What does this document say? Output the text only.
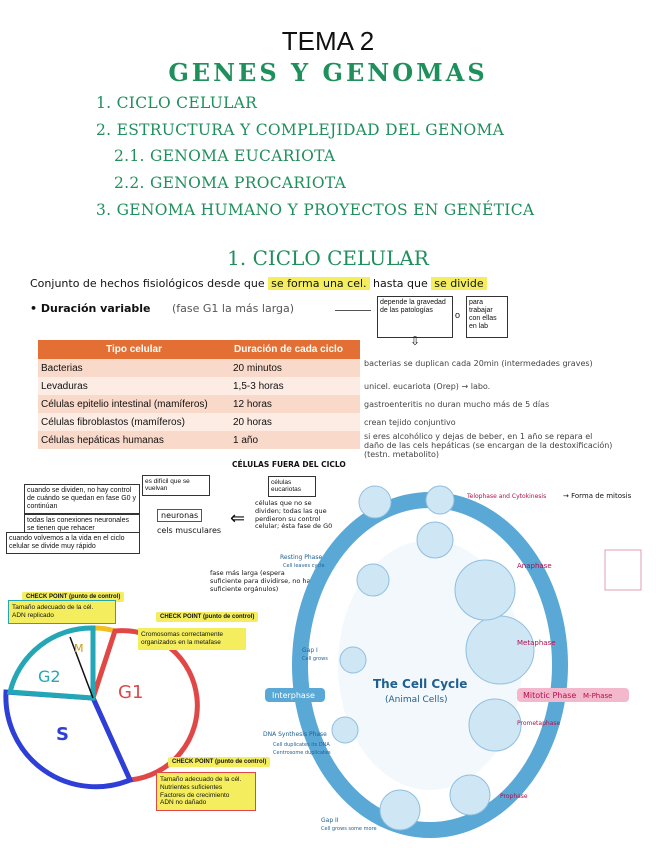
TEMA 2
GENES Y GENOMAS
1. CICLO CELULAR
2. ESTRUCTURA Y COMPLEJIDAD DEL GENOMA
2.1. GENOMA EUCARIOTA
2.2. GENOMA PROCARIOTA
3. GENOMA HUMANO Y PROYECTOS EN GENÉTICA
1. CICLO CELULAR
Conjunto de hechos fisiológicos desde que se forma una cel. hasta que se divide
• Duración variable (fase G1 la más larga)	depende la gravedad de las patologías	o
para trabajar con ellas en lab
⇩
Tipo celular	Duración de cada ciclo
Bacterias	20 minutos
Levaduras	1,5-3 horas
Células epitelio intestinal (mamíferos)	12 horas
Células fibroblastos (mamíferos)	20 horas
Células hepáticas humanas	1 año
bacterias se duplican cada 20min (intermedades graves)
unicel. eucariota (Orep) → labo.
gastroenteritis no duran mucho más de 5 días
crean tejido conjuntivo
si eres alcohólico y dejas de beber, en 1 año se repara el daño de las cels hepáticas (se encargan de la destoxificación) (testn. metabolito)
CÉLULAS FUERA DEL CICLO
células eucariotas
células que no se dividen; todas las que perdieron su control celular; ésta fase de G0
⇐
neuronas
cels musculares
es difícil que se vuelvan
cuando se dividen, no hay control de cuándo se quedan en fase G0 y continúan
todas las conexiones neuronales se tienen que rehacer
cuando volvemos a la vida en el ciclo celular se divide muy rápido
G1
G2
S
M
CHECK POINT (punto de control)
Tamaño adecuado de la cél.
ADN replicado	CHECK POINT (punto de control)
Cromosomas correctamente organizados en la metafase
CHECK POINT (punto de control)
Tamaño adecuado de la cél.
Nutrientes suficientes
Factores de crecimiento
ADN no dañado
fase más larga (espera suficiente para dividirse, no hay suficiente orgánulos)
The Cell Cycle
(Animal Cells)
Interphase	Mitotic Phase M-Phase
Resting Phase
Cell leaves cycle
Gap I
Cell grows
DNA Synthesis Phase
Cell duplicates its DNA
Centrosome duplicates
Gap II
Cell grows some more
Telophase and Cytokinesis → Forma de mitosis
Anaphase
Metaphase
Prometaphase
Prophase
